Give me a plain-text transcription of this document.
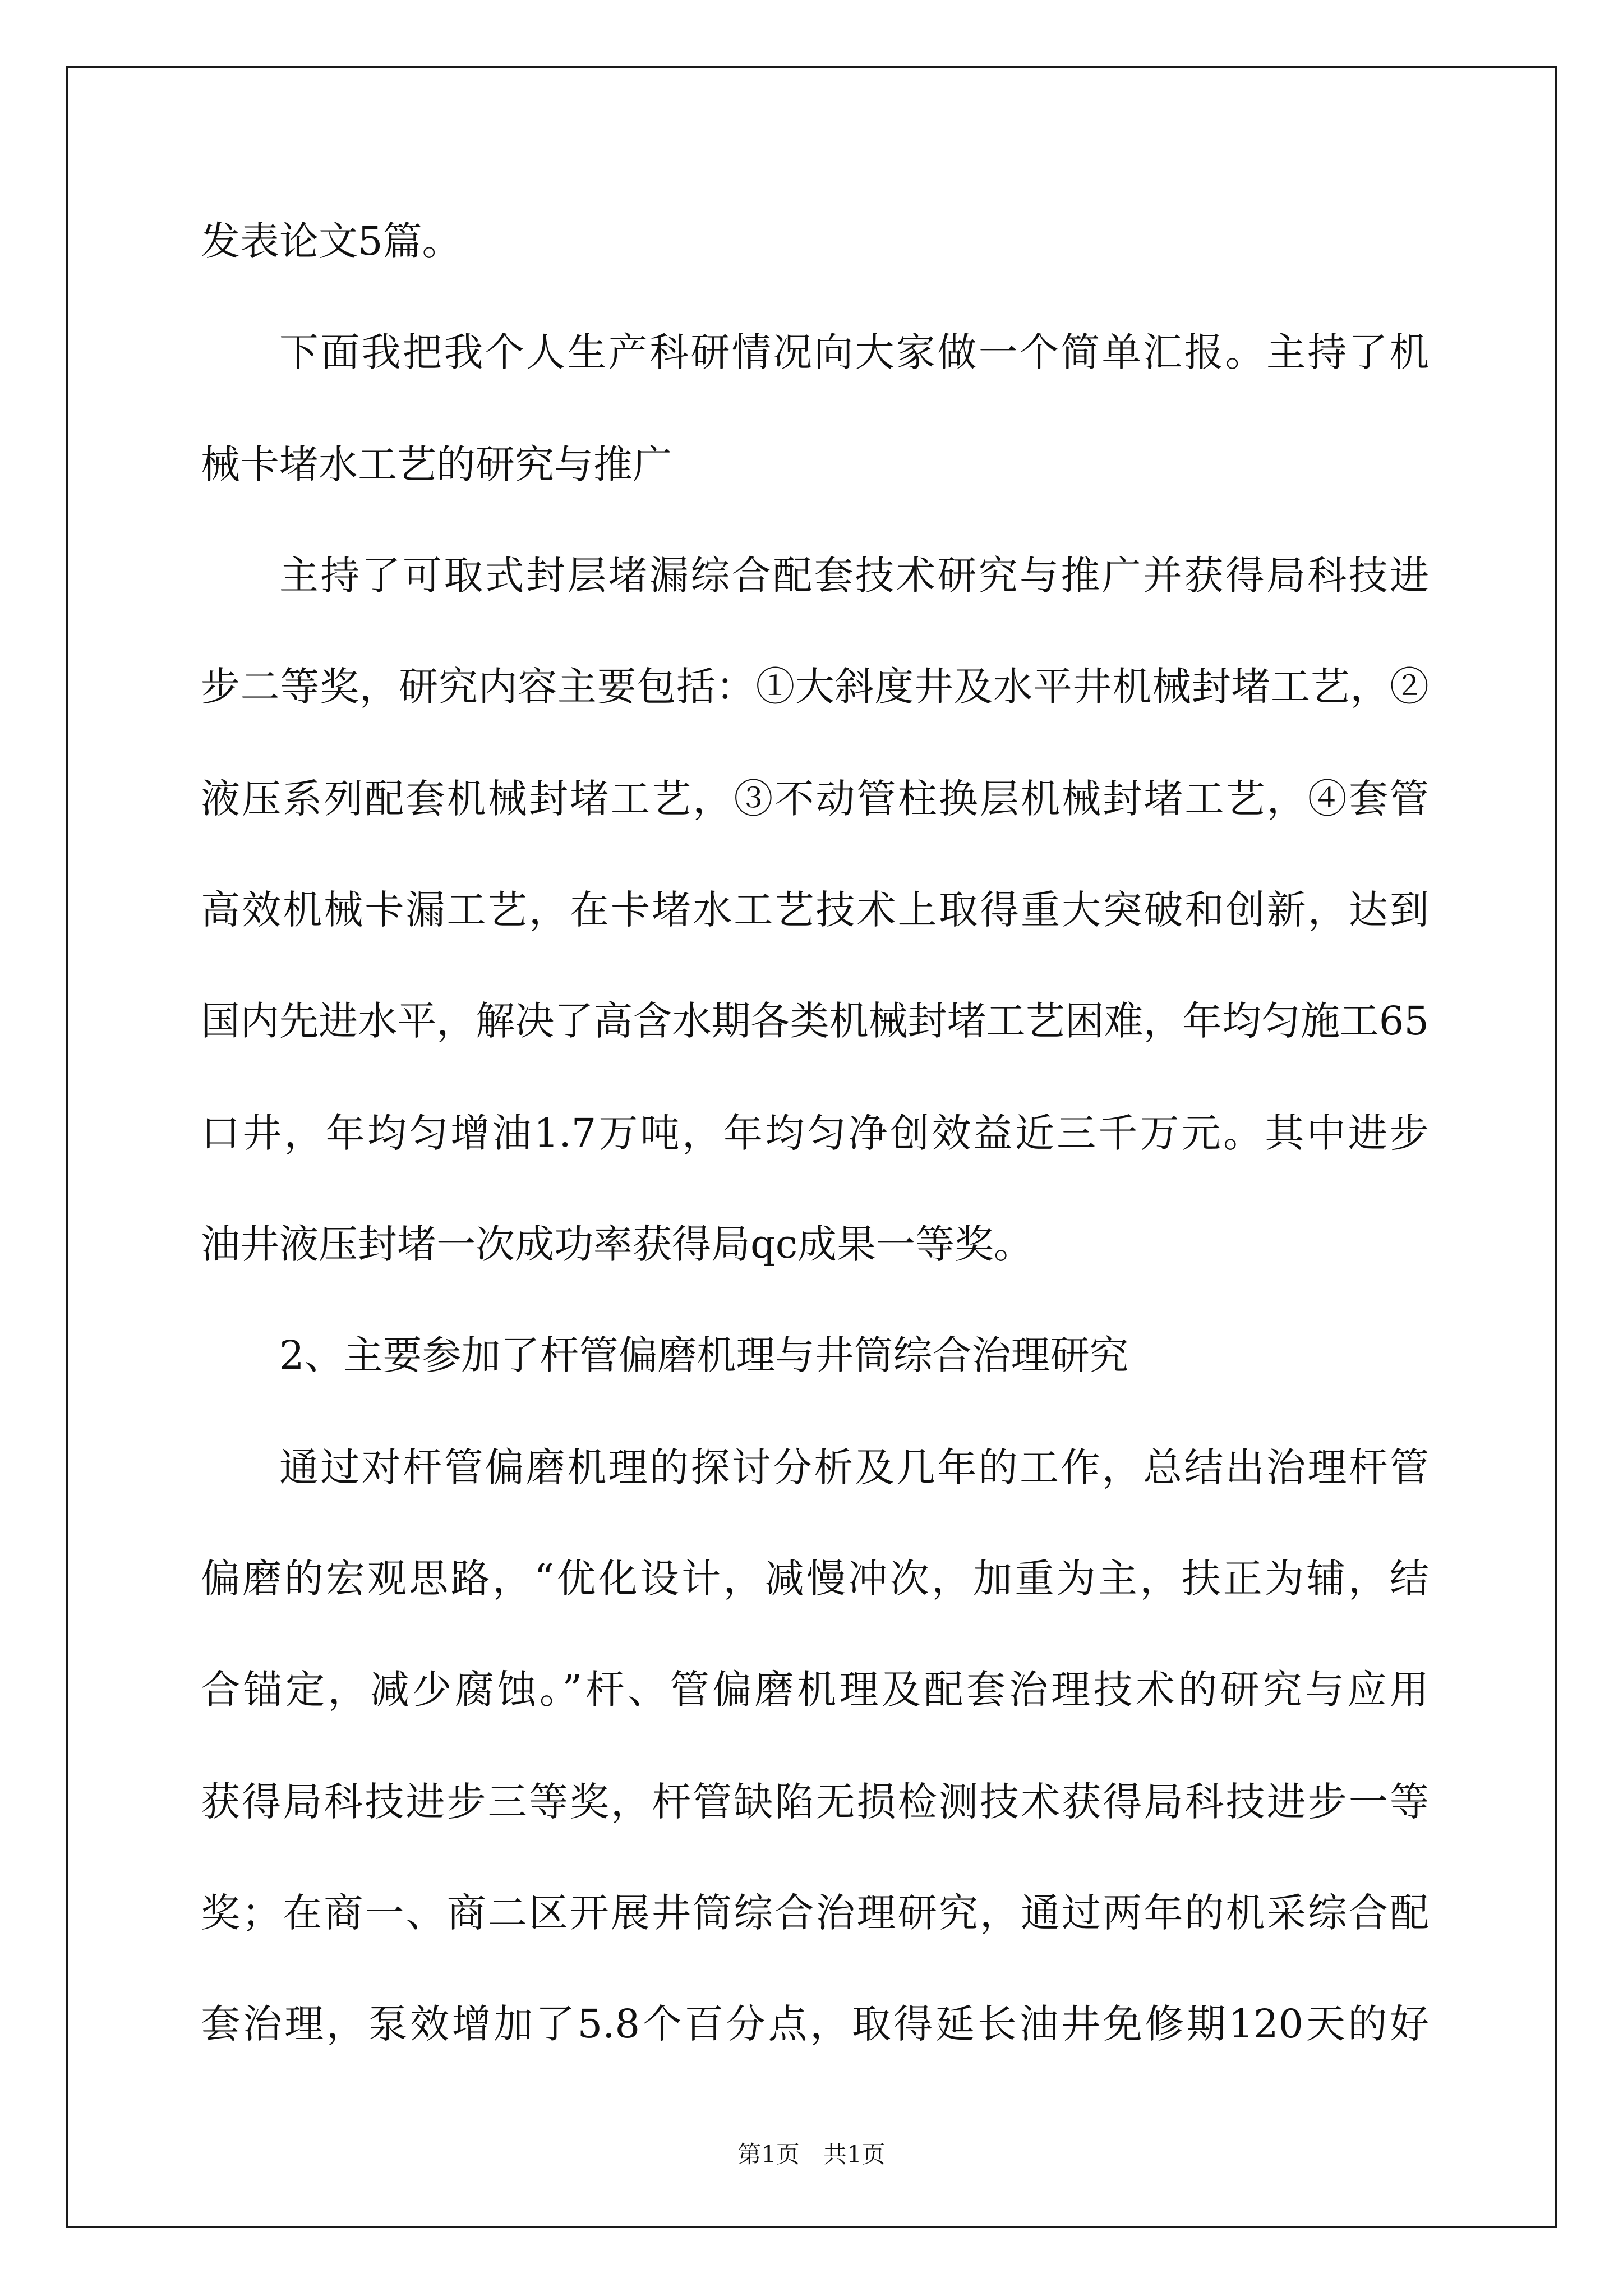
发表论文5篇。
下面我把我个人生产科研情况向大家做一个简单汇报。主持了机
械卡堵水工艺的研究与推广
主持了可取式封层堵漏综合配套技术研究与推广并获得局科技进
步二等奖，研究内容主要包括：①大斜度井及水平井机械封堵工艺，②
液压系列配套机械封堵工艺，③不动管柱换层机械封堵工艺，④套管
高效机械卡漏工艺，在卡堵水工艺技术上取得重大突破和创新，达到
国内先进水平，解决了高含水期各类机械封堵工艺困难，年均匀施工65
口井，年均匀增油1.7万吨，年均匀净创效益近三千万元。其中进步
油井液压封堵一次成功率获得局qc成果一等奖。
2、主要参加了杆管偏磨机理与井筒综合治理研究
通过对杆管偏磨机理的探讨分析及几年的工作，总结出治理杆管
偏磨的宏观思路，“优化设计，减慢冲次，加重为主，扶正为辅，结
合锚定，减少腐蚀。”杆、管偏磨机理及配套治理技术的研究与应用
获得局科技进步三等奖，杆管缺陷无损检测技术获得局科技进步一等
奖；在商一、商二区开展井筒综合治理研究，通过两年的机采综合配
套治理，泵效增加了5.8个百分点，取得延长油井免修期120天的好
第1页　共1页
